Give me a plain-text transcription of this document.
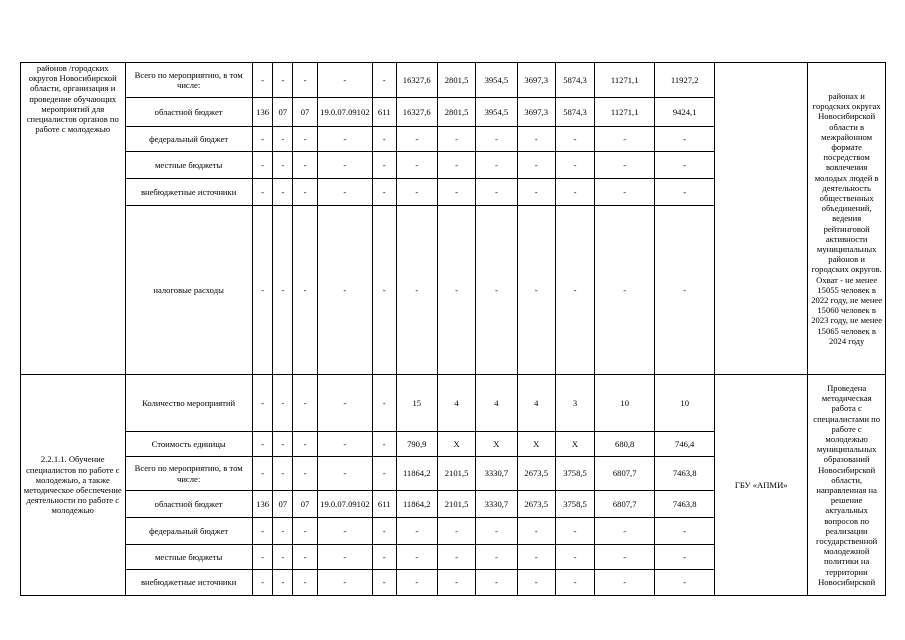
районов /городских округов Новосибирской области, организация и проведение обучающих мероприятий для специалистов органов по работе с молодежью	Всего по мероприятию, в том числе:	-	-	-	-	-	16327,6	2801,5	3954,5	3697,3	5874,3	11271,1	11927,2		районах и городских округах Новосибирской области в межрайонном формате посредством вовлечения молодых людей в деятельность общественных объединений, ведения рейтинговой активности муниципальных районов и городских округов. Охват - не менее 15055 человек в 2022 году, не менее 15060 человек в 2023 году, не менее 15065 человек в 2024 году
	областной бюджет	136	07	07	19.0.07.09102	611	16327,6	2801,5	3954,5	3697,3	5874,3	11271,1	9424,1		
	федеральный бюджет	-	-	-	-	-	-	-	-	-	-	-	-		
	местные бюджеты	-	-	-	-	-	-	-	-	-	-	-	-		
	внебюджетные источники	-	-	-	-	-	-	-	-	-	-	-	-		
	налоговые расходы	-	-	-	-	-	-	-	-	-	-	-	-		
2.2.1.1. Обучение специалистов по работе с молодежью, а также методическое обеспечение деятельности по работе с молодежью	Количество мероприятий	-	-	-	-	-	15	4	4	4	3	10	10	ГБУ «АПМИ»	Проведена методическая работа с специалистами по работе с молодежью муниципальных образований Новосибирской области, направленная на решение актуальных вопросов по реализации государственной молодежной политики на территории Новосибирской
	Стоимость единицы	-	-	-	-	-	790,9	X	X	X	X	680,8	746,4		
	Всего по мероприятию, в том числе:	-	-	-	-	-	11864,2	2101,5	3330,7	2673,5	3758,5	6807,7	7463,8		
	областной бюджет	136	07	07	19.0.07.09102	611	11864,2	2101,5	3330,7	2673,5	3758,5	6807,7	7463,8		
	федеральный бюджет	-	-	-	-	-	-	-	-	-	-	-	-		
	местные бюджеты	-	-	-	-	-	-	-	-	-	-	-	-		
	внебюджетные источники	-	-	-	-	-	-	-	-	-	-	-	-		
